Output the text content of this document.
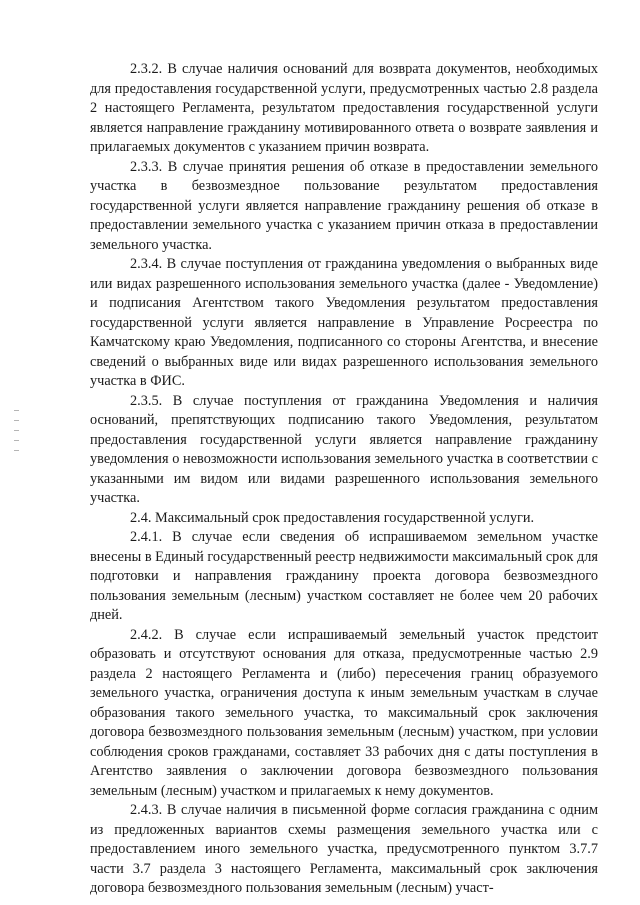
2.3.2. В случае наличия оснований для возврата документов, необходимых для предоставления государственной услуги, предусмотренных частью 2.8 раздела 2 настоящего Регламента, результатом предоставления государственной услуги является направление гражданину мотивированного ответа о возврате заявления и прилагаемых документов с указанием причин возврата.

2.3.3. В случае принятия решения об отказе в предоставлении земельного участка в безвозмездное пользование результатом предоставления государственной услуги является направление гражданину решения об отказе в предоставлении земельного участка с указанием причин отказа в предоставлении земельного участка.

2.3.4. В случае поступления от гражданина уведомления о выбранных виде или видах разрешенного использования земельного участка (далее - Уведомление) и подписания Агентством такого Уведомления результатом предоставления государственной услуги является направление в Управление Росреестра по Камчатскому краю Уведомления, подписанного со стороны Агентства, и внесение сведений о выбранных виде или видах разрешенного использования земельного участка в ФИС.

2.3.5. В случае поступления от гражданина Уведомления и наличия оснований, препятствующих подписанию такого Уведомления, результатом предоставления государственной услуги является направление гражданину уведомления о невозможности использования земельного участка в соответствии с указанными им видом или видами разрешенного использования земельного участка.

2.4. Максимальный срок предоставления государственной услуги.

2.4.1. В случае если сведения об испрашиваемом земельном участке внесены в Единый государственный реестр недвижимости максимальный срок для подготовки и направления гражданину проекта договора безвозмездного пользования земельным (лесным) участком составляет не более чем 20 рабочих дней.

2.4.2. В случае если испрашиваемый земельный участок предстоит образовать и отсутствуют основания для отказа, предусмотренные частью 2.9 раздела 2 настоящего Регламента и (либо) пересечения границ образуемого земельного участка, ограничения доступа к иным земельным участкам в случае образования такого земельного участка, то максимальный срок заключения договора безвозмездного пользования земельным (лесным) участком, при условии соблюдения сроков гражданами, составляет 33 рабочих дня с даты поступления в Агентство заявления о заключении договора безвозмездного пользования земельным (лесным) участком и прилагаемых к нему документов.

2.4.3. В случае наличия в письменной форме согласия гражданина с одним из предложенных вариантов схемы размещения земельного участка или с предоставлением иного земельного участка, предусмотренного пунктом 3.7.7 части 3.7 раздела 3 настоящего Регламента, максимальный срок заключения договора безвозмездного пользования земельным (лесным) участ-
